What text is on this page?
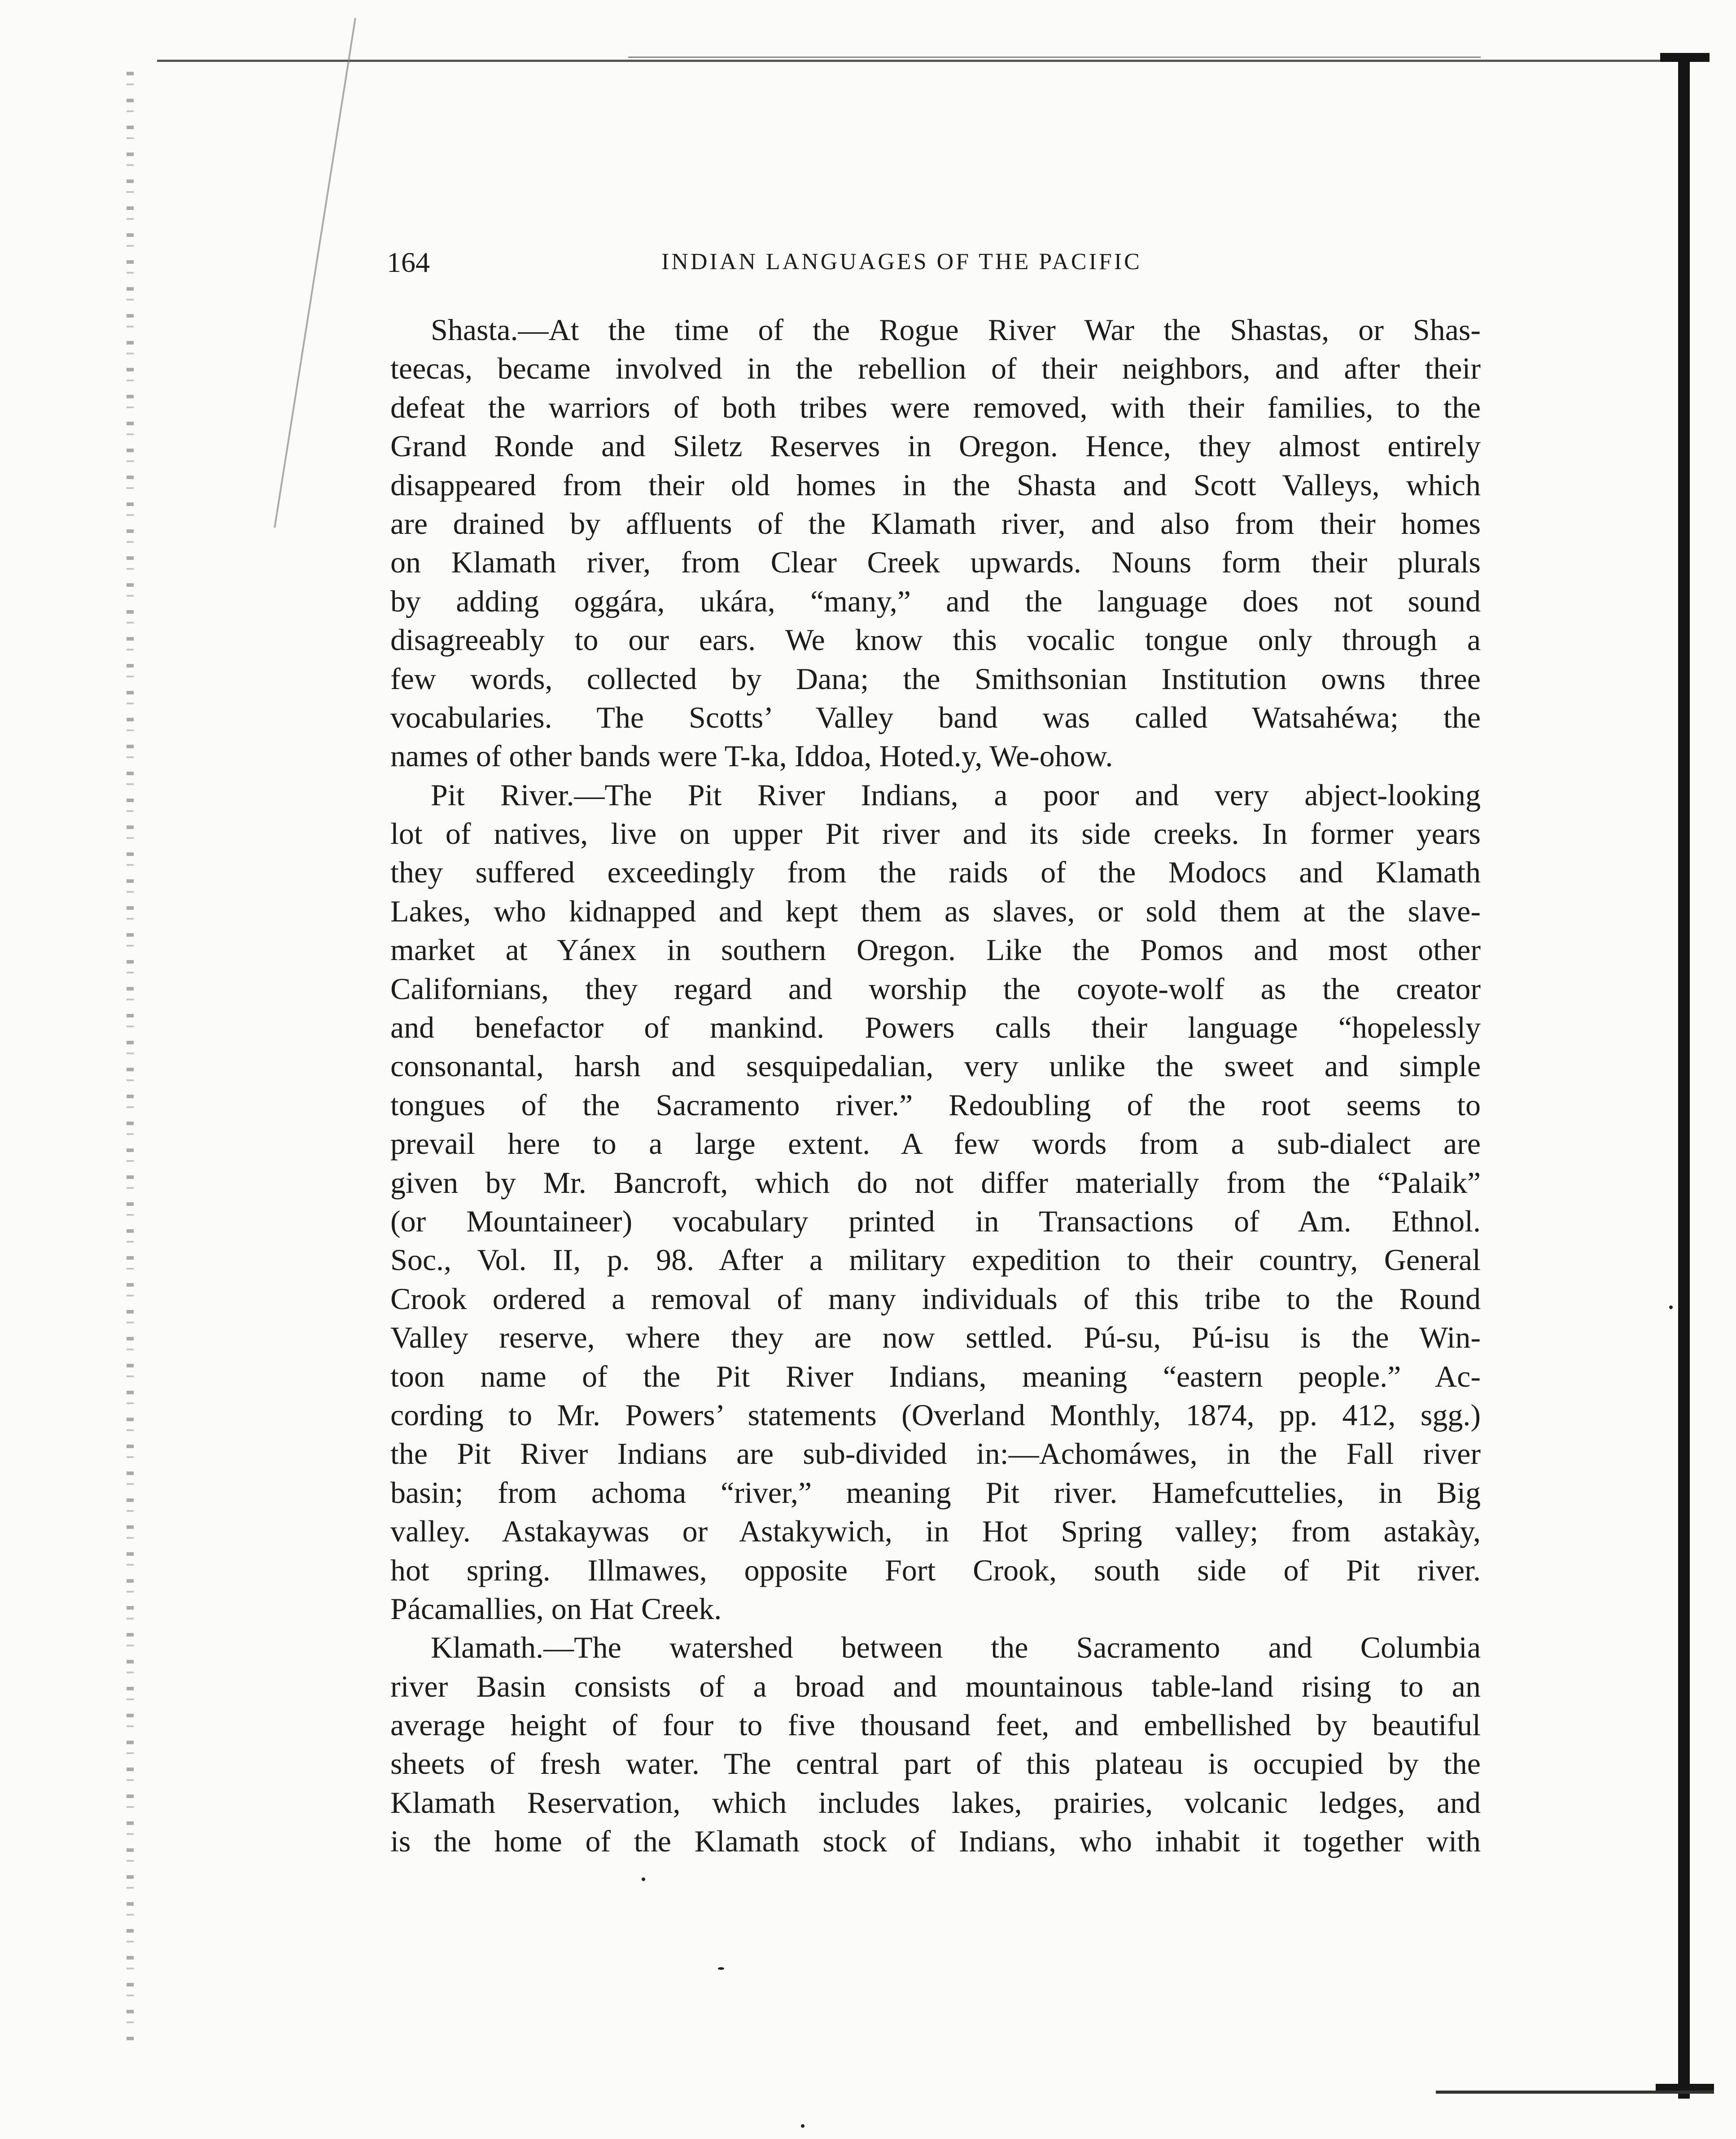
164	INDIAN LANGUAGES OF THE PACIFIC
Shasta.—At the time of the Rogue River War the Shastas, or Shas-
teecas, became involved in the rebellion of their neighbors, and after their
defeat the warriors of both tribes were removed, with their families, to the
Grand Ronde and Siletz Reserves in Oregon. Hence, they almost entirely
disappeared from their old homes in the Shasta and Scott Valleys, which
are drained by affluents of the Klamath river, and also from their homes
on Klamath river, from Clear Creek upwards. Nouns form their plurals
by adding oggára, ukára, “many,” and the language does not sound
disagreeably to our ears. We know this vocalic tongue only through a
few words, collected by Dana; the Smithsonian Institution owns three
vocabularies. The Scotts’ Valley band was called Watsahéwa; the
names of other bands were T-ka, Iddoa, Hoted.y, We-ohow.
Pit River.—The Pit River Indians, a poor and very abject-looking
lot of natives, live on upper Pit river and its side creeks. In former years
they suffered exceedingly from the raids of the Modocs and Klamath
Lakes, who kidnapped and kept them as slaves, or sold them at the slave-
market at Yánex in southern Oregon. Like the Pomos and most other
Californians, they regard and worship the coyote-wolf as the creator
and benefactor of mankind. Powers calls their language “hopelessly
consonantal, harsh and sesquipedalian, very unlike the sweet and simple
tongues of the Sacramento river.” Redoubling of the root seems to
prevail here to a large extent. A few words from a sub-dialect are
given by Mr. Bancroft, which do not differ materially from the “Palaik”
(or Mountaineer) vocabulary printed in Transactions of Am. Ethnol.
Soc., Vol. II, p. 98. After a military expedition to their country, General
Crook ordered a removal of many individuals of this tribe to the Round
Valley reserve, where they are now settled. Pú-su, Pú-isu is the Win-
toon name of the Pit River Indians, meaning “eastern people.” Ac-
cording to Mr. Powers’ statements (Overland Monthly, 1874, pp. 412, sgg.)
the Pit River Indians are sub-divided in:—Achomáwes, in the Fall river
basin; from achoma “river,” meaning Pit river. Hamefcuttelies, in Big
valley. Astakaywas or Astakywich, in Hot Spring valley; from astakày,
hot spring. Illmawes, opposite Fort Crook, south side of Pit river.
Pácamallies, on Hat Creek.
Klamath.—The watershed between the Sacramento and Columbia
river Basin consists of a broad and mountainous table-land rising to an
average height of four to five thousand feet, and embellished by beautiful
sheets of fresh water. The central part of this plateau is occupied by the
Klamath Reservation, which includes lakes, prairies, volcanic ledges, and
is the home of the Klamath stock of Indians, who inhabit it together with
